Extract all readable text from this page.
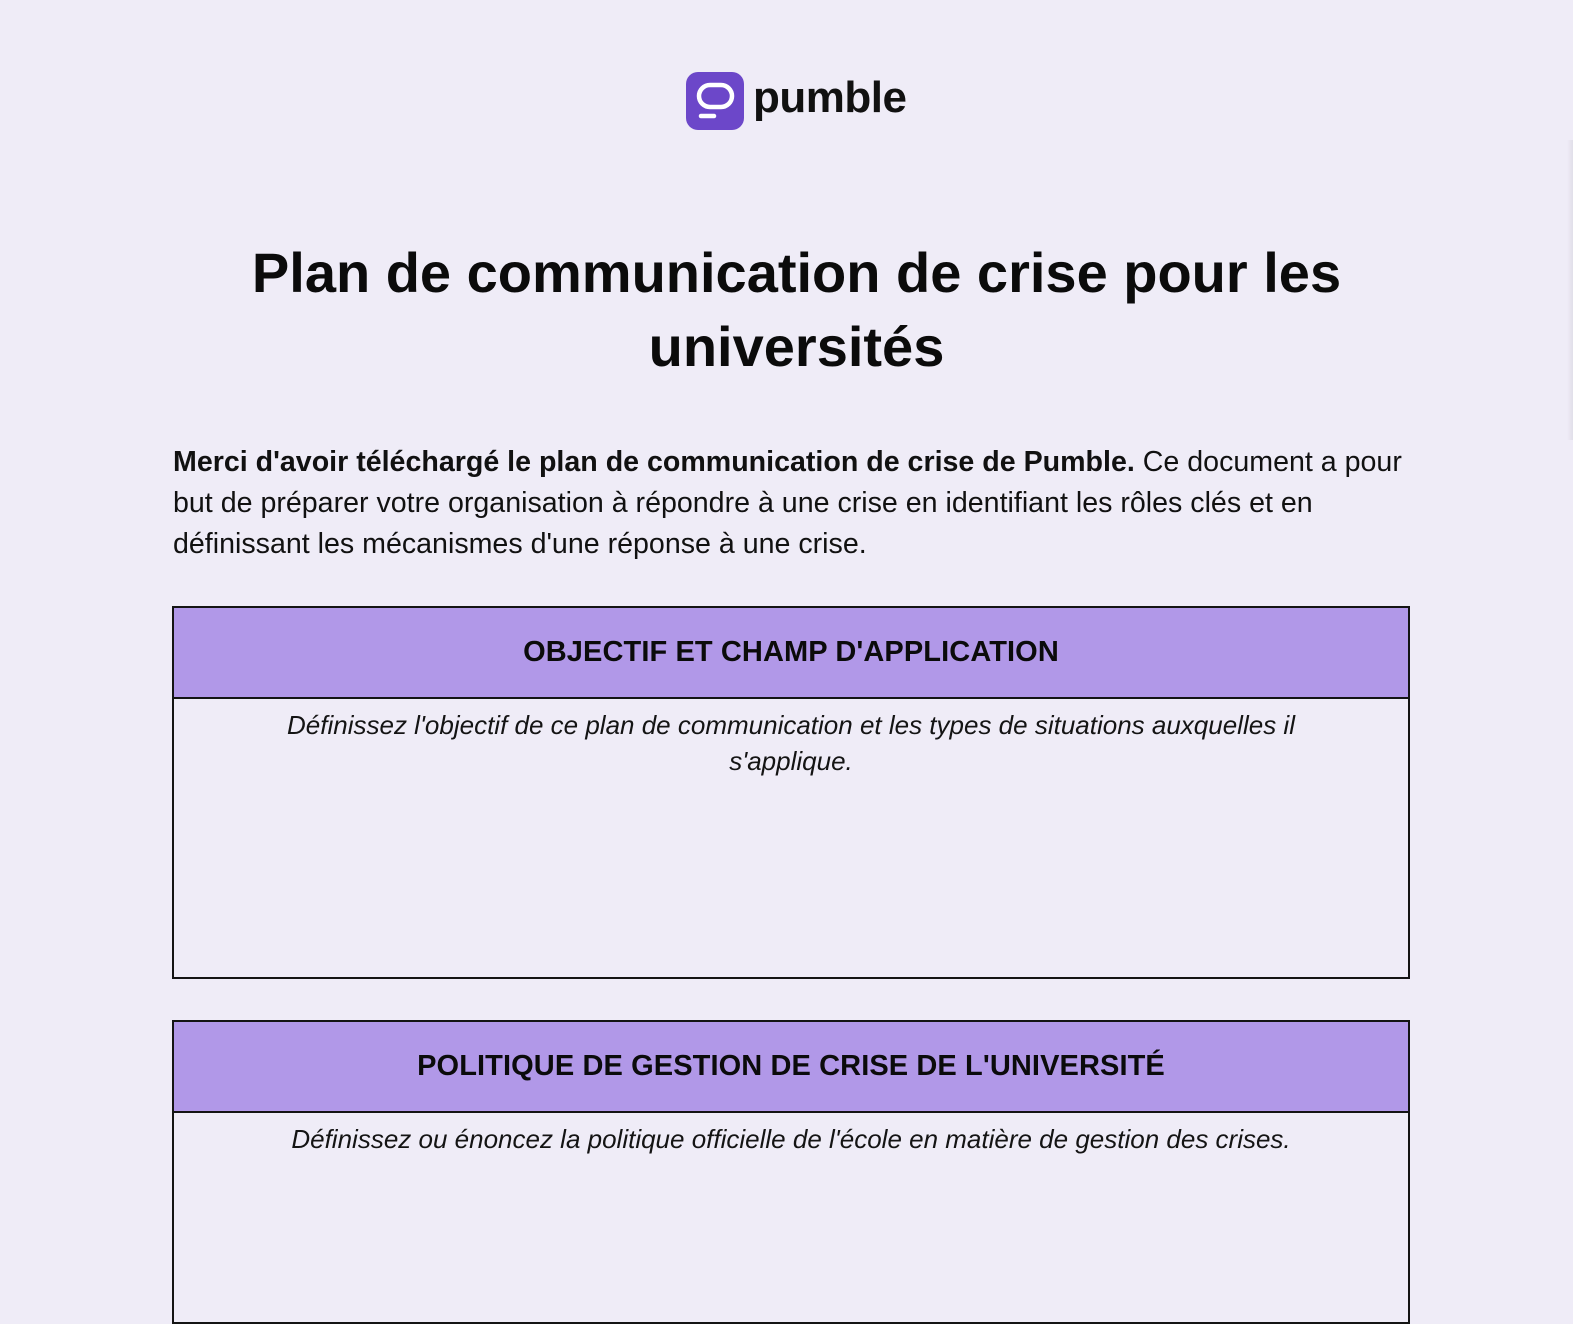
pumble
Plan de communication de crise pour les universités

Merci d'avoir téléchargé le plan de communication de crise de Pumble. Ce document a pour but de préparer votre organisation à répondre à une crise en identifiant les rôles clés et en définissant les mécanismes d'une réponse à une crise.

OBJECTIF ET CHAMP D'APPLICATION
Définissez l'objectif de ce plan de communication et les types de situations auxquelles il s'applique.
POLITIQUE DE GESTION DE CRISE DE L'UNIVERSITÉ
Définissez ou énoncez la politique officielle de l'école en matière de gestion des crises.
